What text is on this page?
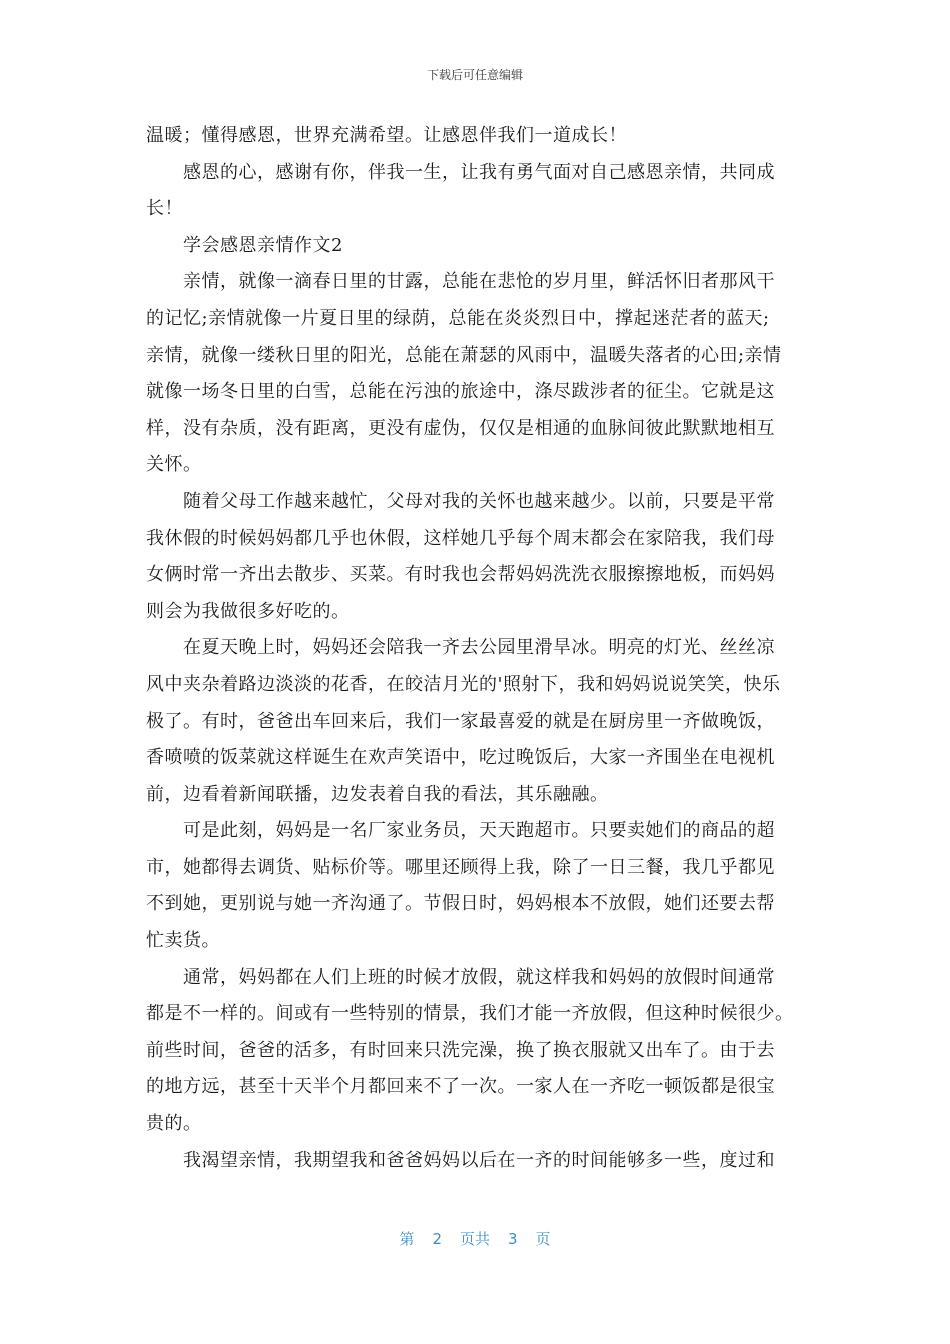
下载后可任意编辑
温暖；懂得感恩，世界充满希望。让感恩伴我们一道成长！
感恩的心，感谢有你，伴我一生，让我有勇气面对自己感恩亲情，共同成
长！
学会感恩亲情作文2
亲情，就像一滴春日里的甘露，总能在悲怆的岁月里，鲜活怀旧者那风干
的记忆;亲情就像一片夏日里的绿荫，总能在炎炎烈日中，撑起迷茫者的蓝天;
亲情，就像一缕秋日里的阳光，总能在萧瑟的风雨中，温暖失落者的心田;亲情
就像一场冬日里的白雪，总能在污浊的旅途中，涤尽跋涉者的征尘。它就是这
样，没有杂质，没有距离，更没有虚伪，仅仅是相通的血脉间彼此默默地相互
关怀。
随着父母工作越来越忙，父母对我的关怀也越来越少。以前，只要是平常
我休假的时候妈妈都几乎也休假，这样她几乎每个周末都会在家陪我，我们母
女俩时常一齐出去散步、买菜。有时我也会帮妈妈洗洗衣服擦擦地板，而妈妈
则会为我做很多好吃的。
在夏天晚上时，妈妈还会陪我一齐去公园里滑旱冰。明亮的灯光、丝丝凉
风中夹杂着路边淡淡的花香，在皎洁月光的'照射下，我和妈妈说说笑笑，快乐
极了。有时，爸爸出车回来后，我们一家最喜爱的就是在厨房里一齐做晚饭，
香喷喷的饭菜就这样诞生在欢声笑语中，吃过晚饭后，大家一齐围坐在电视机
前，边看着新闻联播，边发表着自我的看法，其乐融融。
可是此刻，妈妈是一名厂家业务员，天天跑超市。只要卖她们的商品的超
市，她都得去调货、贴标价等。哪里还顾得上我，除了一日三餐，我几乎都见
不到她，更别说与她一齐沟通了。节假日时，妈妈根本不放假，她们还要去帮
忙卖货。
通常，妈妈都在人们上班的时候才放假，就这样我和妈妈的放假时间通常
都是不一样的。间或有一些特别的情景，我们才能一齐放假，但这种时候很少。
前些时间，爸爸的活多，有时回来只洗完澡，换了换衣服就又出车了。由于去
的地方远，甚至十天半个月都回来不了一次。一家人在一齐吃一顿饭都是很宝
贵的。
我渴望亲情，我期望我和爸爸妈妈以后在一齐的时间能够多一些，度过和
第 2 页共 3 页
